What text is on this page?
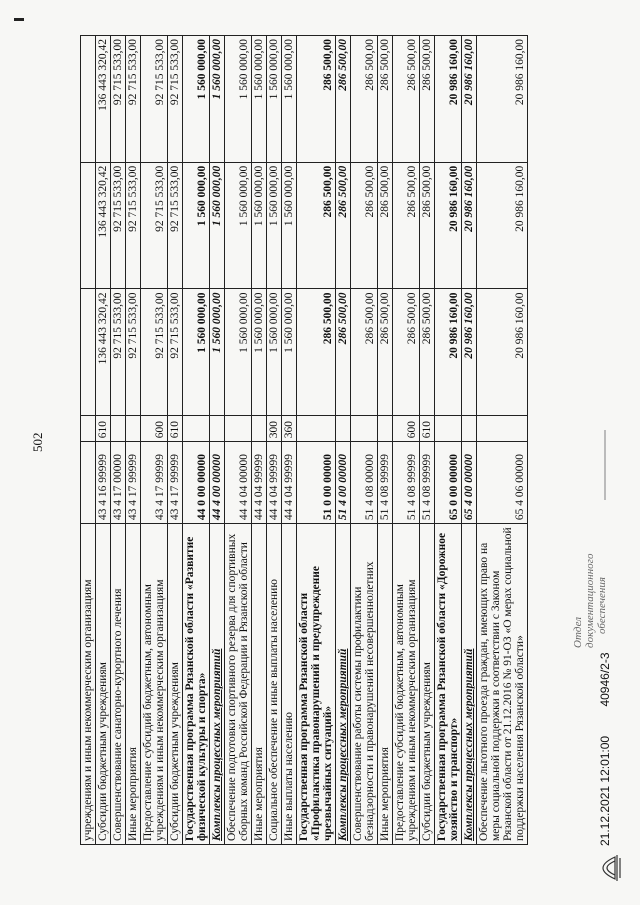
502
учреждениям и иным некоммерческим организациям					
Субсидии бюджетным учреждениям	43 4 16 99999	610	136 443 320,42	136 443 320,42	136 443 320,42
Совершенствование санаторно-курортного лечения	43 4 17 00000		92 715 533,00	92 715 533,00	92 715 533,00
Иные мероприятия	43 4 17 99999		92 715 533,00	92 715 533,00	92 715 533,00
Предоставление субсидий бюджетным, автономным учреждениям и иным некоммерческим организациям	43 4 17 99999	600	92 715 533,00	92 715 533,00	92 715 533,00
Субсидии бюджетным учреждениям	43 4 17 99999	610	92 715 533,00	92 715 533,00	92 715 533,00
Государственная программа Рязанской области «Развитие физической культуры и спорта»	44 0 00 00000		1 560 000,00	1 560 000,00	1 560 000,00
Комплексы процессных мероприятий	44 4 00 00000		1 560 000,00	1 560 000,00	1 560 000,00
Обеспечение подготовки спортивного резерва для спортивных сборных команд Российской Федерации и Рязанской области	44 4 04 00000		1 560 000,00	1 560 000,00	1 560 000,00
Иные мероприятия	44 4 04 99999		1 560 000,00	1 560 000,00	1 560 000,00
Социальное обеспечение и иные выплаты населению	44 4 04 99999	300	1 560 000,00	1 560 000,00	1 560 000,00
Иные выплаты населению	44 4 04 99999	360	1 560 000,00	1 560 000,00	1 560 000,00
Государственная программа Рязанской области «Профилактика правонарушений и предупреждение чрезвычайных ситуаций»	51 0 00 00000		286 500,00	286 500,00	286 500,00
Комплексы процессных мероприятий	51 4 00 00000		286 500,00	286 500,00	286 500,00
Совершенствование работы системы профилактики безнадзорности и правонарушений несовершеннолетних	51 4 08 00000		286 500,00	286 500,00	286 500,00
Иные мероприятия	51 4 08 99999		286 500,00	286 500,00	286 500,00
Предоставление субсидий бюджетным, автономным учреждениям и иным некоммерческим организациям	51 4 08 99999	600	286 500,00	286 500,00	286 500,00
Субсидии бюджетным учреждениям	51 4 08 99999	610	286 500,00	286 500,00	286 500,00
Государственная программа Рязанской области «Дорожное хозяйство и транспорт»	65 0 00 00000		20 986 160,00	20 986 160,00	20 986 160,00
Комплексы процессных мероприятий	65 4 00 00000		20 986 160,00	20 986 160,00	20 986 160,00
Обеспечение льготного проезда граждан, имеющих право на меры социальной поддержки в соответствии с Законом Рязанской области от 21.12.2016 № 91-ОЗ «О мерах социальной поддержки населения Рязанской области»	65 4 06 00000		20 986 160,00	20 986 160,00	20 986 160,00
Отдел документационного обеспечения
21.12.2021 12:01:00 40946/2-3
